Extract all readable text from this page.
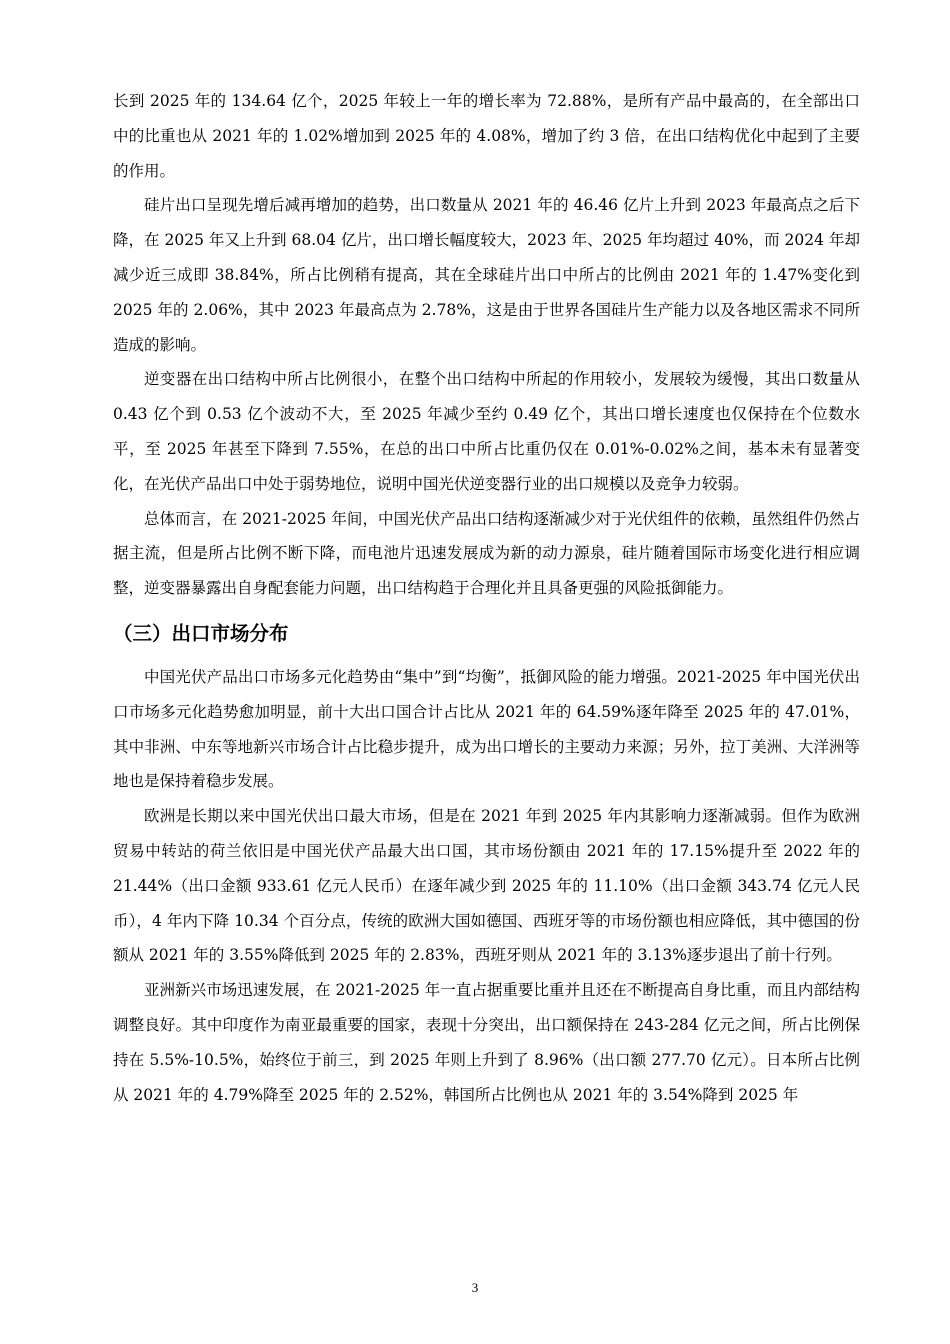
长到 2025 年的 134.64 亿个，2025 年较上一年的增长率为 72.88%，是所有产品中最高的，在全部出口中的比重也从 2021 年的 1.02%增加到 2025 年的 4.08%，增加了约 3 倍，在出口结构优化中起到了主要的作用。

硅片出口呈现先增后减再增加的趋势，出口数量从 2021 年的 46.46 亿片上升到 2023 年最高点之后下降，在 2025 年又上升到 68.04 亿片，出口增长幅度较大，2023 年、2025 年均超过 40%，而 2024 年却减少近三成即 38.84%，所占比例稍有提高，其在全球硅片出口中所占的比例由 2021 年的 1.47%变化到 2025 年的 2.06%，其中 2023 年最高点为 2.78%，这是由于世界各国硅片生产能力以及各地区需求不同所造成的影响。

逆变器在出口结构中所占比例很小，在整个出口结构中所起的作用较小，发展较为缓慢，其出口数量从 0.43 亿个到 0.53 亿个波动不大，至 2025 年减少至约 0.49 亿个，其出口增长速度也仅保持在个位数水平，至 2025 年甚至下降到 7.55%，在总的出口中所占比重仍仅在 0.01%-0.02%之间，基本未有显著变化，在光伏产品出口中处于弱势地位，说明中国光伏逆变器行业的出口规模以及竞争力较弱。

总体而言，在 2021-2025 年间，中国光伏产品出口结构逐渐减少对于光伏组件的依赖，虽然组件仍然占据主流，但是所占比例不断下降，而电池片迅速发展成为新的动力源泉，硅片随着国际市场变化进行相应调整，逆变器暴露出自身配套能力问题，出口结构趋于合理化并且具备更强的风险抵御能力。

（三）出口市场分布

中国光伏产品出口市场多元化趋势由“集中”到“均衡”，抵御风险的能力增强。2021-2025 年中国光伏出口市场多元化趋势愈加明显，前十大出口国合计占比从 2021 年的 64.59%逐年降至 2025 年的 47.01%，其中非洲、中东等地新兴市场合计占比稳步提升，成为出口增长的主要动力来源；另外，拉丁美洲、大洋洲等地也是保持着稳步发展。

欧洲是长期以来中国光伏出口最大市场，但是在 2021 年到 2025 年内其影响力逐渐减弱。但作为欧洲贸易中转站的荷兰依旧是中国光伏产品最大出口国，其市场份额由 2021 年的 17.15%提升至 2022 年的 21.44%（出口金额 933.61 亿元人民币）在逐年减少到 2025 年的 11.10%（出口金额 343.74 亿元人民币），4 年内下降 10.34 个百分点，传统的欧洲大国如德国、西班牙等的市场份额也相应降低，其中德国的份额从 2021 年的 3.55%降低到 2025 年的 2.83%，西班牙则从 2021 年的 3.13%逐步退出了前十行列。

亚洲新兴市场迅速发展，在 2021-2025 年一直占据重要比重并且还在不断提高自身比重，而且内部结构调整良好。其中印度作为南亚最重要的国家，表现十分突出，出口额保持在 243-284 亿元之间，所占比例保持在 5.5%-10.5%，始终位于前三，到 2025 年则上升到了 8.96%（出口额 277.70 亿元）。日本所占比例从 2021 年的 4.79%降至 2025 年的 2.52%，韩国所占比例也从 2021 年的 3.54%降到 2025 年

3
